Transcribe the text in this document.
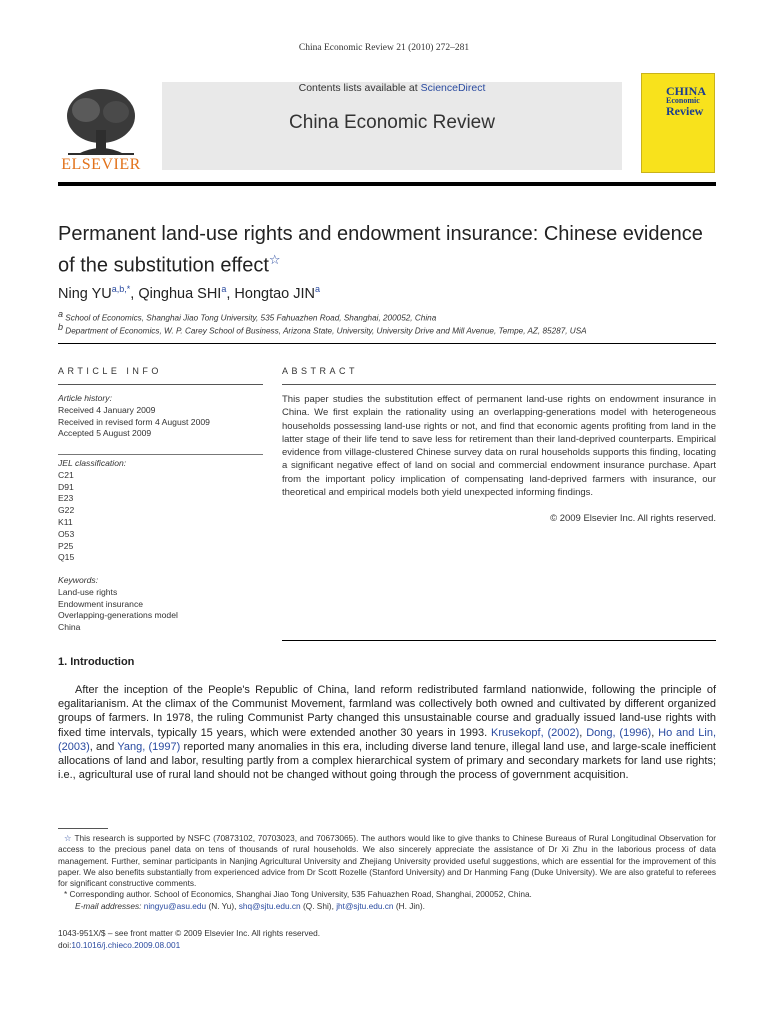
China Economic Review 21 (2010) 272–281
ELSEVIER
Contents lists available at ScienceDirect
China Economic Review
CHINA
Economic
Review
Permanent land-use rights and endowment insurance: Chinese evidence of the substitution effect☆
Ning $YU^{a,b,*}$, Qinghua SHI$^a$, Hongtao JIN$^a$
a School of Economics, Shanghai Jiao Tong University, 535 Fahuazhen Road, Shanghai, 200052, China
b Department of Economics, W. P. Carey School of Business, Arizona State, University, University Drive and Mill Avenue, Tempe, AZ, 85287, USA
ARTICLE INFO	ABSTRACT
Article history:
Received 4 January 2009
Received in revised form 4 August 2009
Accepted 5 August 2009
JEL classification:
C21
D91
E23
G22
K11
O53
P25
Q15
Keywords:
Land-use rights
Endowment insurance
Overlapping-generations model
China
This paper studies the substitution effect of permanent land-use rights on endowment insurance in China. We first explain the rationality using an overlapping-generations model with heterogeneous households possessing land-use rights or not, and find that economic agents profiting from land in the latter stage of their life tend to save less for retirement than their land-deprived counterparts. Empirical evidence from village-clustered Chinese survey data on rural households supports this finding, locating a significant negative effect of land on social and commercial endowment insurance purchase. Apart from the important policy implication of compensating land-deprived farmers with insurance, our theoretical and empirical models both yield unexpected informing findings.
© 2009 Elsevier Inc. All rights reserved.
1. Introduction
After the inception of the People's Republic of China, land reform redistributed farmland nationwide, following the principle of egalitarianism. At the climax of the Communist Movement, farmland was collectively both owned and cultivated by different organized groups of farmers. In 1978, the ruling Communist Party changed this unsustainable course and gradually issued land-use rights with fixed time intervals, typically 15 years, which were extended another 30 years in 1993. Krusekopf, (2002), Dong, (1996), Ho and Lin, (2003), and Yang, (1997) reported many anomalies in this era, including diverse land tenure, illegal land use, and large-scale inefficient allocations of land and labor, resulting partly from a complex hierarchical system of primary and secondary markets for land use rights; i.e., agricultural use of rural land should not be changed without going through the process of government acquisition.

☆ This research is supported by NSFC (70873102, 70703023, and 70673065). The authors would like to give thanks to Chinese Bureaus of Rural Longitudinal Observation for access to the precious panel data on tens of thousands of rural households. We also sincerely appreciate the assistance of Dr Xi Zhu in the laborious process of data management. Further, seminar participants in Nanjing Agricultural University and Zhejiang University provided useful suggestions, which are essential for the improvement of this paper. We also benefits substantially from experienced advice from Dr Scott Rozelle (Stanford University) and Dr Hanming Fang (Duke University). We are also grateful to referees for significant constructive comments.

* Corresponding author. School of Economics, Shanghai Jiao Tong University, 535 Fahuazhen Road, Shanghai, 200052, China.

E-mail addresses: ningyu@asu.edu (N. Yu), shq@sjtu.edu.cn (Q. Shi), jht@sjtu.edu.cn (H. Jin).

1043-951X/$ – see front matter © 2009 Elsevier Inc. All rights reserved.
doi:10.1016/j.chieco.2009.08.001
